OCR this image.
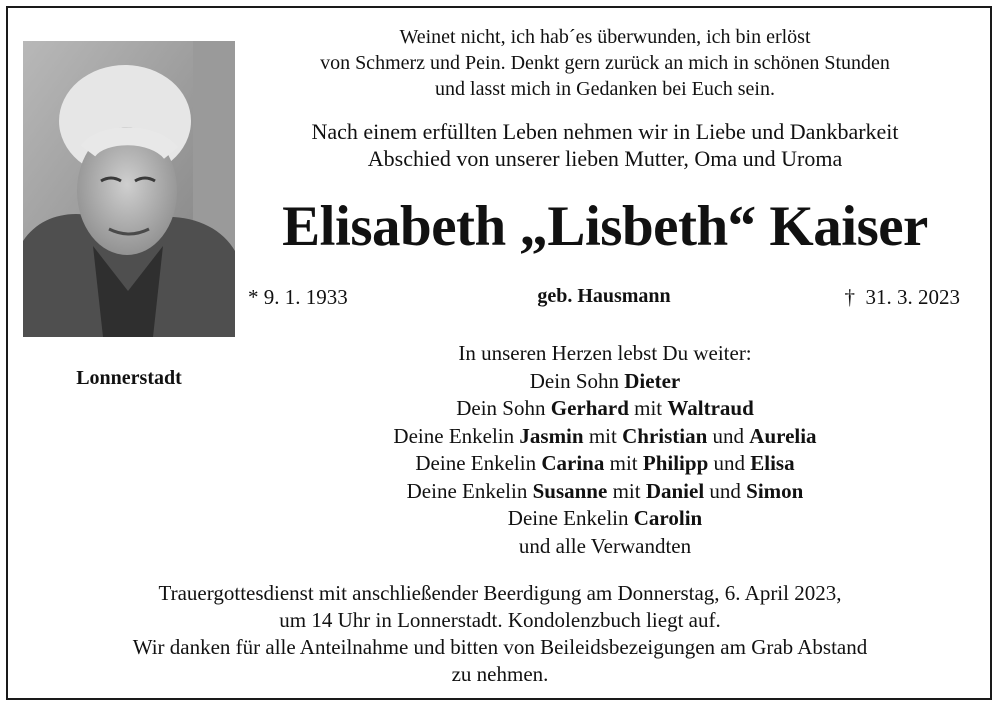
Lonnerstadt
Weinet nicht, ich hab´es überwunden, ich bin erlöst
von Schmerz und Pein. Denkt gern zurück an mich in schönen Stunden
und lasst mich in Gedanken bei Euch sein.
Nach einem erfüllten Leben nehmen wir in Liebe und Dankbarkeit
Abschied von unserer lieben Mutter, Oma und Uroma
Elisabeth „Lisbeth“ Kaiser
* 9. 1. 1933	geb. Hausmann	† 31. 3. 2023
In unseren Herzen lebst Du weiter:
Dein Sohn Dieter
Dein Sohn Gerhard mit Waltraud
Deine Enkelin Jasmin mit Christian und Aurelia
Deine Enkelin Carina mit Philipp und Elisa
Deine Enkelin Susanne mit Daniel und Simon
Deine Enkelin Carolin
und alle Verwandten
Trauergottesdienst mit anschließender Beerdigung am Donnerstag, 6. April 2023,
um 14 Uhr in Lonnerstadt. Kondolenzbuch liegt auf.
Wir danken für alle Anteilnahme und bitten von Beileidsbezeigungen am Grab Abstand
zu nehmen.
